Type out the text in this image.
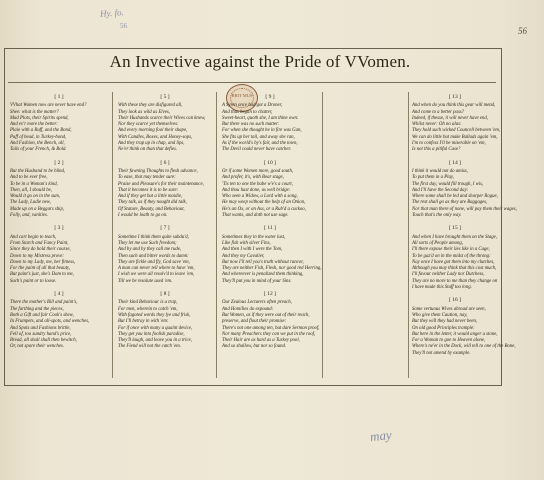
Hy. fo.
56	56
An Invective against the Pride of VVomen.
BRIT MUS
[ 1 ]
VVhat Women now are never have end?
Shee: what is the matter?
Mad Plots, their Spirits spend,
And ev'r more the better:
Plaie with a Ruff, and the Bond,
Puff of head, in Turkey-bond,
And Fashion, the Bench, all,
Tails of your French, & Bold.
[ 2 ]
But the Husband to be blind,
And to be ever free,
To be in a Woman's kind,
Then, all, I should be,
Would it go on in the sum,
The Lady, Ladie new,
Made up on a Beggars ship,
Folly, and, vanities.
[ 3 ]
And cart begin to teach,
From Starch and Fancy Paint,
Since they do hold their course,
Down to my Mistress prove:
Down to my Lady, me, her fitness,
For the paint of all that beauty,
But paint's just, she's Dam to me,
Such's paint or to loose.
[ 4 ]
There the mother's Bill and paint's,
The farthing and the pieces,
Both a Gift and fair Cook's shew,
In Frumpets, and all-spots, and wenches,
And Spots and Fashions brittle,
Fell of, too sundry hand's price,
Bread, all shall shall then bewitch,
Or, not spare their wenches.
[ 5 ]
With these they are disfigured all,
They look as wild as Elves,
Their Husbands scarce their Wives can know,
Nor they scarce yet themselves:
And every morning fool their shape,
With Candles, Boxes, and Honey-sops,
And they trap up in chap, and lips,
Ne'er think on than that defies.
[ 6 ]
Their fawning Thoughts to flesh advance,
To ease, that may tender sure:
Praise and Pleasure's for their maintenance,
That it becomes it is to be sure:
And if they get but a little maidie,
They talk, as if they nought did talk,
Of Stature, Beauty, and Behaviour,
I would be loath to go on.
[ 7 ]
Sometime I think them quite subdu'd,
They let me use Such freedom;
And by and by they call me rude,
Then such and bitter words to damn:
They are fickle and fly, God save 'em,
A man can never tell where to have 'em,
I wish we were all resolv'd to leave 'em,
Till we be resolute used 'em.
[ 8 ]
Their kind Behaviour is a trap,
For men, wherein to catch 'em,
With fagoted words they lye and frisk,
But I'll betray in with 'em:
For if once with many a quaint device,
They get you into foolish paradise,
They'll laugh, and leave you in a trice,
The Fiend will not the catch 'em.
[ 9 ]
A Syren once had got a Droner,
And thus began to chatter,
Sweet-heart, quoth she, I am thine own:
But there was no such matter:
For when she thought he in fire was Gan,
She fits up her tail, and away she ran,
As if the world's by's fair, and the town,
The Devil could never have catcher.
[ 10 ]
Or if some Women more, good south,
And profer, it's, with Bear stage,
'Tis ten to one the babe w'e's a court,
And thou hast done, as well bridge:
Who seen a Widow, a Lord with a song,
He may weep without the help of an Onion,
He's an Ox, or an Ass, or a Rub'd a cuckoo,
That wants, and doth not use sage.
[ 11 ]
Sometimes they in the water lust,
Like fish with silver Fins,
And then I with I were the Tom,
And they my Cavalier,
But now I'll tell you's truth without rancor,
They are neither Fish, Flesh, nor good red Herring,
And whereever is penalized them thinking,
They'll put you in mind of your Sins.
[ 12 ]
Our Zealous Lecturers often preach,
And Homilies do expound:
But Women, as if they were out of their reach,
preserve, and flout their promise:
There's not one among ten, but dare Sermon proof,
Nor many Preachers they can we put in the roof,
Their Hair are as hard as a Turkey pool,
And so shallow, but nor so found.
[ 13 ]
And when do you think this gear will mend,
And come to a better pass?
Indeed, if thesse, it will never have end,
Whilst never: Oh no alas:
They hold such wicked Councell between 'em,
We can do little but make Ballads again 'em,
I'm to confess I'll be miserable on 'em,
Is not this a pitiful Case?
[ 14 ]
I think it would not do amiss,
To put them in a Play,
The first day, would fill trough, I wis,
And I'll have the Second day:
Where some shall be led and sharper Rogue,
The rest shall go as they are Baggages,
Nor that man there of none, will pay them their wages,
Touch that's the only way.
[ 15 ]
And when I have brought them on the Stage,
All sorts of People among,
I'll there expose their lies like in a Cage,
To be gaz'd on in the midst of the throng:
Nay once I have got them into my clutches,
Although you may think that this cost much,
I'll favour neither Lady nor Dutchess,
They are no more to me than they change on
I have made this Stuff too long.
[ 16 ]
Some vertuous Wives abroad are seen,
Who give them Caution, nay,
But they will they had never been,
On old good Principles trample:
But here in the letter, it would anger a stone,
For a Woman to goe to Heaven alone,
Where's ne'er in the Dock, will tell to one of the Bone,
They'll not amend by example.
may
